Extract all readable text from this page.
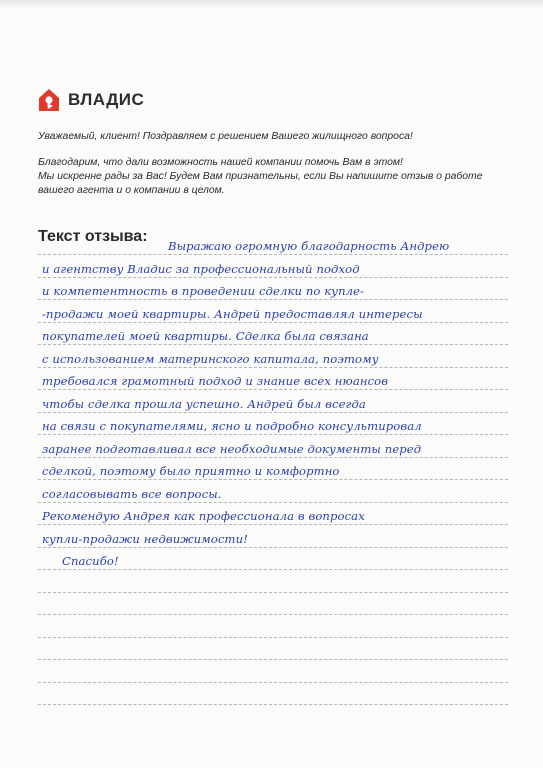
ВЛАДИС
Уважаемый, клиент! Поздравляем с решением Вашего жилищного вопроса!
Благодарим, что дали возможность нашей компании помочь Вам в этом!
Мы искренне рады за Вас! Будем Вам признательны, если Вы напишите отзыв о работе
вашего агента и о компании в целом.
Текст отзыва:
Выражаю огромную благодарность Андрею
и агентству Владис за профессиональный подход
и компетентность в проведении сделки по купле-
-продажи моей квартиры. Андрей предоставлял интересы
покупателей моей квартиры. Сделка была связана
с использованием материнского капитала, поэтому
требовался грамотный подход и знание всех нюансов
чтобы сделка прошла успешно. Андрей был всегда
на связи с покупателями, ясно и подробно консультировал
заранее подготавливал все необходимые документы перед
сделкой, поэтому было приятно и комфортно
согласовывать все вопросы.
Рекомендую Андрея как профессионала в вопросах
купли-продажи недвижимости!
Спасибо!
